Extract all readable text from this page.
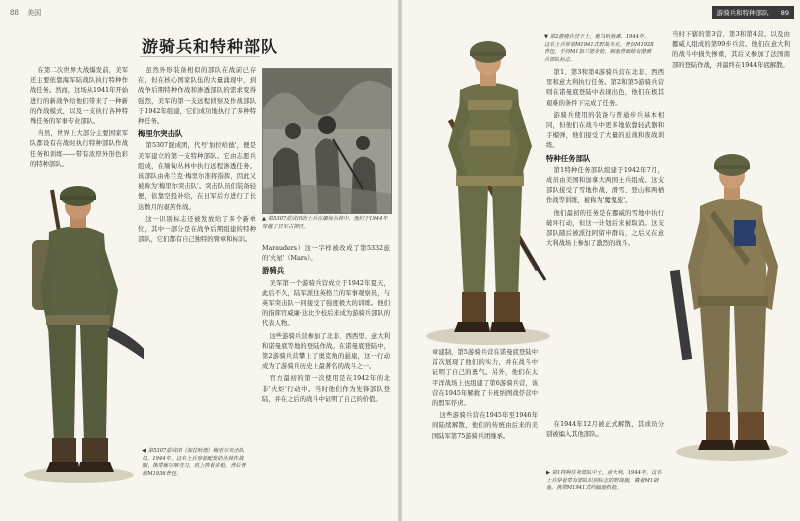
88 美国
游骑兵和特种部队

在第二次世界大战爆发前，美军还主要依靠海军陆战队执行特种作战任务。然而，这场从1941年开始进行的新战争给他们带来了一种新的作战模式，以及一支执行各种特殊任务的军事专业部队。

当然，世界上大部分主要国家军队都设有在战时执行特种部队作战任务和训练——带有浓厚外形色彩的特种部队。

虽然外形装备相似的部队在战前已存在，但在核心国家队伍的大量涌现中，到战争后期特种作战和渗透部队的需求变得强烈，美军的第一支远程侦察及作战部队于1942年组建，它们成功地执行了多种特种任务。

梅里尔突击队

第5307混成团，代号'加拉哈德'，便是美军建立的第一支特种部队。它由志愿兵组成，在缅甸丛林中执行远程渗透任务。该部队由弗兰克·梅里尔准将指挥，因此又被称为'梅里尔突击队'。突击队员们装备轻便，依靠空投补给，在日军后方进行了长达数月的艰苦作战。

这一识别标志还被发放给了多个新单位，其中一部分是在战争后期组建的特种部队，它们都有自己独特的臂章和标识。

▲ 第5307混成团的士兵在缅甸丛林中，他们于1944年穿越了日军占领区。

Marauders）这一字样被改成了第5332旅的'火星'（Mars）。

游骑兵

美军第一个游骑兵营成立于1942年夏天，此后不久，陆军派往英格兰的军事观察员，与英军突击队一同接受了强度极大的训练。他们的指挥官威廉·达比少校后来成为游骑兵部队的代表人物。

这些游骑兵营参加了北非、西西里、意大利和诺曼底等地的登陆作战。在诺曼底登陆中，第2游骑兵营攀上了奥克角的悬崖，这一行动成为了游骑兵历史上最著名的战斗之一。

官方最初的第一次使用是在1942年的北非'火炬'行动中。当时他们作为先锋部队登陆，并在之后的战斗中证明了自己的价值。

◀ 第5307混成团（加拉哈德）梅里尔突击队员，1944年。这名士兵穿着配发的丛林作战服，携带廓尔喀弯刀，肩上挎着步枪，背后背着M1936背包。
游骑兵和特种部队 89
▼ 第2游骑兵营下士，奥马哈海滩，1944年。这名士兵穿着M1941式野战夹克，背负M1928背包，手持M1加兰德步枪，钢盔背面绘有游骑兵部队标志。

第1、第3和第4游骑兵营在北非、西西里和意大利执行任务。第2和第5游骑兵营则在诺曼底登陆中表现出色，他们在极其艰难的条件下完成了任务。

游骑兵使用的装备与普通步兵基本相同，但他们在战斗中更多地依靠轻武器和手榴弹，他们接受了大量的近战和夜战训练。

特种任务部队

第1特种任务部队组建于1942年7月，成员由美国和加拿大两国士兵组成。这支部队接受了雪地作战、滑雪、登山和两栖作战等训练，被称为'魔鬼旅'。

他们最初的任务是在挪威的雪地中执行破坏行动，但这一计划后来被取消。这支部队随后被派往阿留申群岛，之后又在意大利战场上参加了激烈的战斗。

章建制，第5游骑兵营在诺曼底登陆中首次展现了他们的实力，并在战斗中证明了自己的勇气。另外，他们在太平洋战场上也组建了第6游骑兵营，该营在1945年解救了卡班纳图战俘营中的盟军俘虏。

这些游骑兵营在1945年至1946年间陆续解散，他们的传统由后来的美国陆军第75游骑兵团继承。

当时下辖的第3营、第3和第4营。以及由挪威人组成的第99步兵营。他们在意大利的战斗中损失惨重，其后又参加了法国南部的登陆作战，并最终在1944年底解散。

在1944年12月被正式解散，其成员分别被编入其他部队。

▶ 第1特种任务部队中士，意大利，1944年。这名士兵穿着带有部队识别标志的野战服，戴着M1钢盔，携带M1941式约翰逊机枪。
